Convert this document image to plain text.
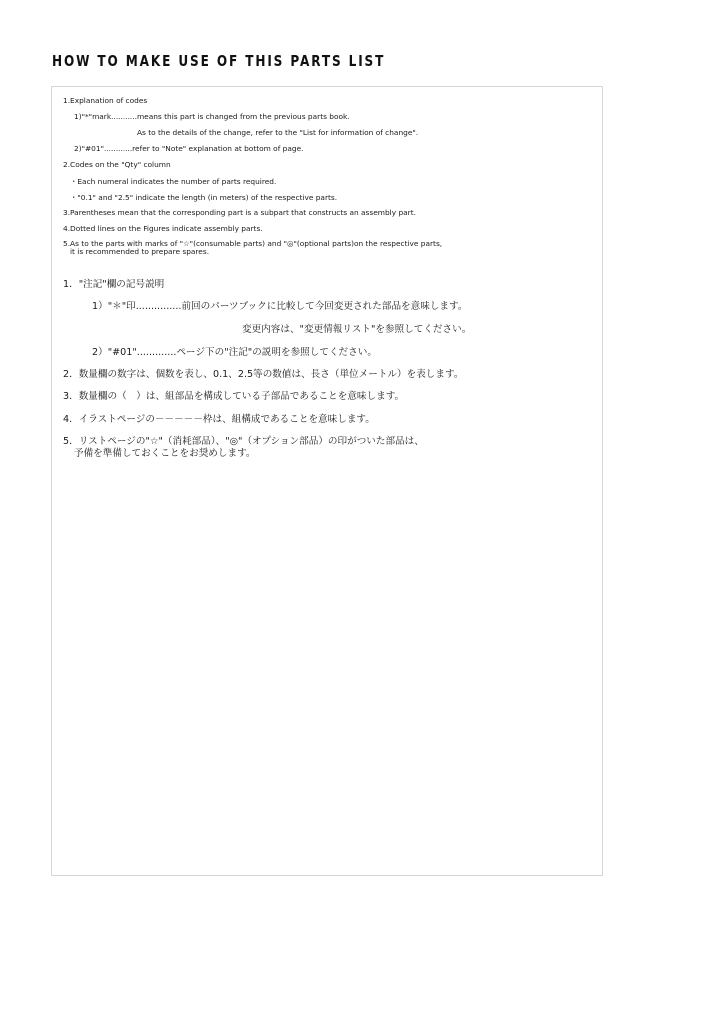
HOW TO MAKE USE OF THIS PARTS LIST
1.Explanation of codes
1)"*"mark...........means this part is changed from the previous parts book.
As to the details of the change, refer to the "List for information of change".
2)"#01"............refer to "Note" explanation at bottom of page.
2.Codes on the "Qty" column
・Each numeral indicates the number of parts required.
・"0.1" and "2.5" indicate the length (in meters) of the respective parts.
3.Parentheses mean that the corresponding part is a subpart that constructs an assembly part.
4.Dotted lines on the Figures indicate assembly parts.
5.As to the parts with marks of "☆"(consumable parts) and "◎"(optional parts)on the respective parts,
it is recommended to prepare spares.
1．"注記"欄の記号説明
1）"＊"印...............前回のパーツブックに比較して今回変更された部品を意味します。
変更内容は、"変更情報リスト"を参照してください。
2）"#01".............ページ下の"注記"の説明を参照してください。
2．数量欄の数字は、個数を表し、0.1、2.5等の数値は、長さ（単位メートル）を表します。
3．数量欄の（　）は、組部品を構成している子部品であることを意味します。
4．イラストページの－－－－－枠は、組構成であることを意味します。
5．リストページの"☆"（消耗部品）、"◎"（オプション部品）の印がついた部品は、
予備を準備しておくことをお奨めします。
